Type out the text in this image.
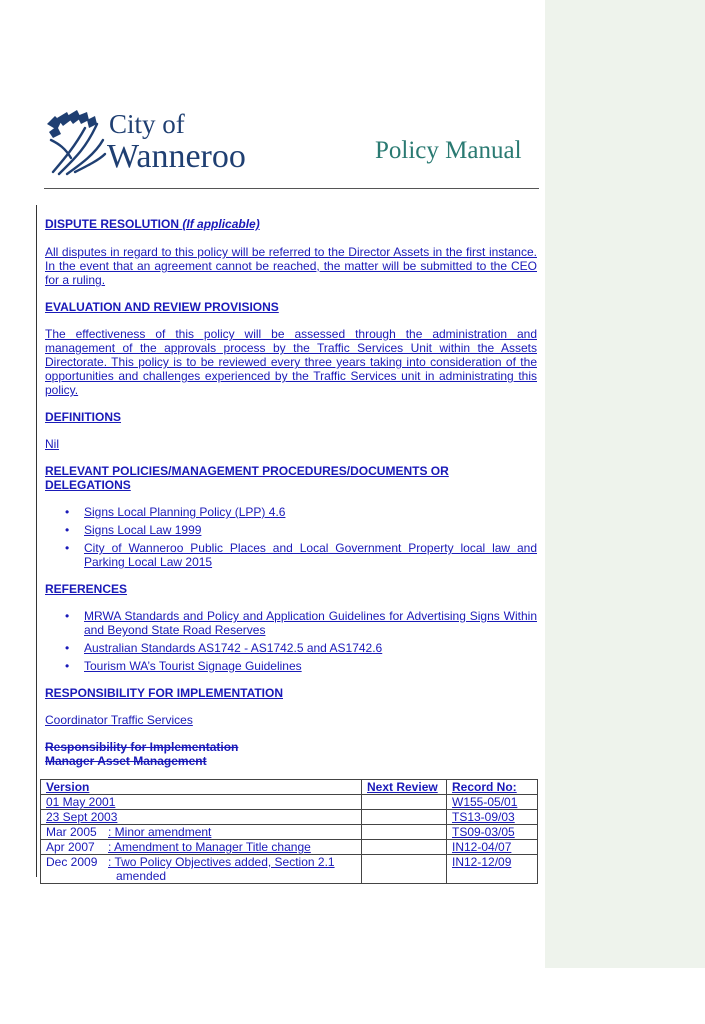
City of
Wanneroo	Policy Manual

DISPUTE RESOLUTION (If applicable)

All disputes in regard to this policy will be referred to the Director Assets in the first instance. In the event that an agreement cannot be reached, the matter will be submitted to the CEO for a ruling.

EVALUATION AND REVIEW PROVISIONS

The effectiveness of this policy will be assessed through the administration and management of the approvals process by the Traffic Services Unit within the Assets Directorate. This policy is to be reviewed every three years taking into consideration of the opportunities and challenges experienced by the Traffic Services unit in administrating this policy.

DEFINITIONS

Nil

RELEVANT POLICIES/MANAGEMENT PROCEDURES/DOCUMENTS OR DELEGATIONS

• Signs Local Planning Policy (LPP) 4.6
• Signs Local Law 1999
• City of Wanneroo Public Places and Local Government Property local law and Parking Local Law 2015

REFERENCES

• MRWA Standards and Policy and Application Guidelines for Advertising Signs Within and Beyond State Road Reserves
• Australian Standards AS1742 - AS1742.5 and AS1742.6
• Tourism WA’s Tourist Signage Guidelines

RESPONSIBILITY FOR IMPLEMENTATION

Coordinator Traffic Services

Responsibility for Implementation

Manager Asset Management

Version	Next Review	Record No:
01 May 2001		W155-05/01
23 Sept 2003		TS13-09/03
Mar 2005 : Minor amendment		TS09-03/05
Apr 2007 : Amendment to Manager Title change		IN12-04/07
Dec 2009 : Two Policy Objectives added, Section 2.1
amended		IN12-12/09
